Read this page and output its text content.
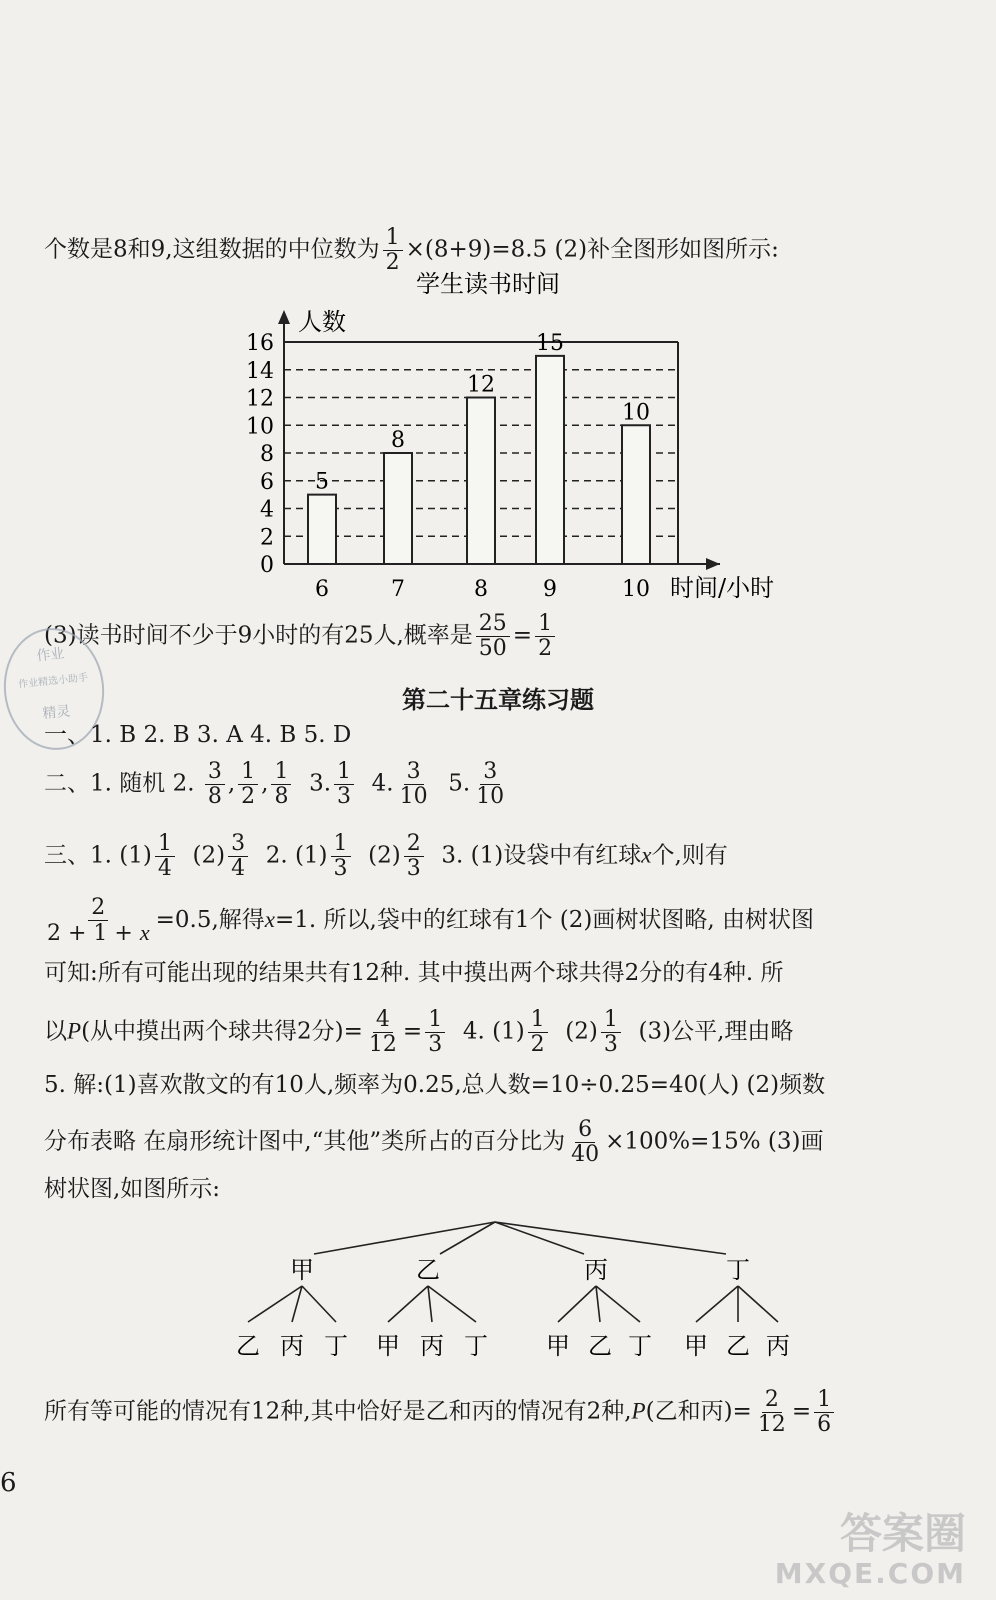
个数是8和9,这组数据的中位数为 $\frac{1}{2} \times(8+9)=8.5$ (2)补全图形如图所示:
学生读书时间
0
2
4
6
8
10
12
14
16
人数
时间/小时
5
6
8
7
12
8
15
9
10
10
(3)读书时间不少于9小时的有25人,概率是 $\frac{25}{50} = \frac{1}{2}$
作业
作业精选小助手
精灵	第二十五章练习题
一、1. B 2. B 3. A 4. B 5. D
二、1. 随机 2. $\frac{3}{8}$ , $\frac{1}{2}$ , $\frac{1}{8} 3$. $\frac{1}{3} 4$. $\frac{3}{10} 5$. $\frac{3}{10}$
三、1. $(1) \frac{1}{4} (2) \frac{3}{4} 2$. $(1) \frac{1}{3} (2) \frac{2}{3} 3$. (1)设袋中有红球x个,则有
$\frac{2}{2 + 1 + x} =0.5$,解得x=1. 所以,袋中的红球有1个 (2)画树状图略, 由树状图
可知:所有可能出现的结果共有12种. 其中摸出两个球共得2分的有4种. 所
以P(从中摸出两个球共得2分)= $\frac{4}{12} = \frac{1}{3} 4$. $(1) \frac{1}{2} (2) \frac{1}{3} (3)$公平,理由略
5. 解:(1)喜欢散文的有10人,频率为0.25,总人数=10÷0.25=40(人) (2)频数
分布表略 在扇形统计图中,“其他”类所占的百分比为 $\frac{6}{40} \times 100\%=15\%$ (3)画
树状图,如图所示:
甲
乙 丙 丁
乙
甲 丙 丁
丙
甲 乙 丁
丁
甲 乙 丙
所有等可能的情况有12种,其中恰好是乙和丙的情况有2种,P(乙和丙)= $\frac{2}{12} = \frac{1}{6}$
6
答案圈
MXQE.COM
